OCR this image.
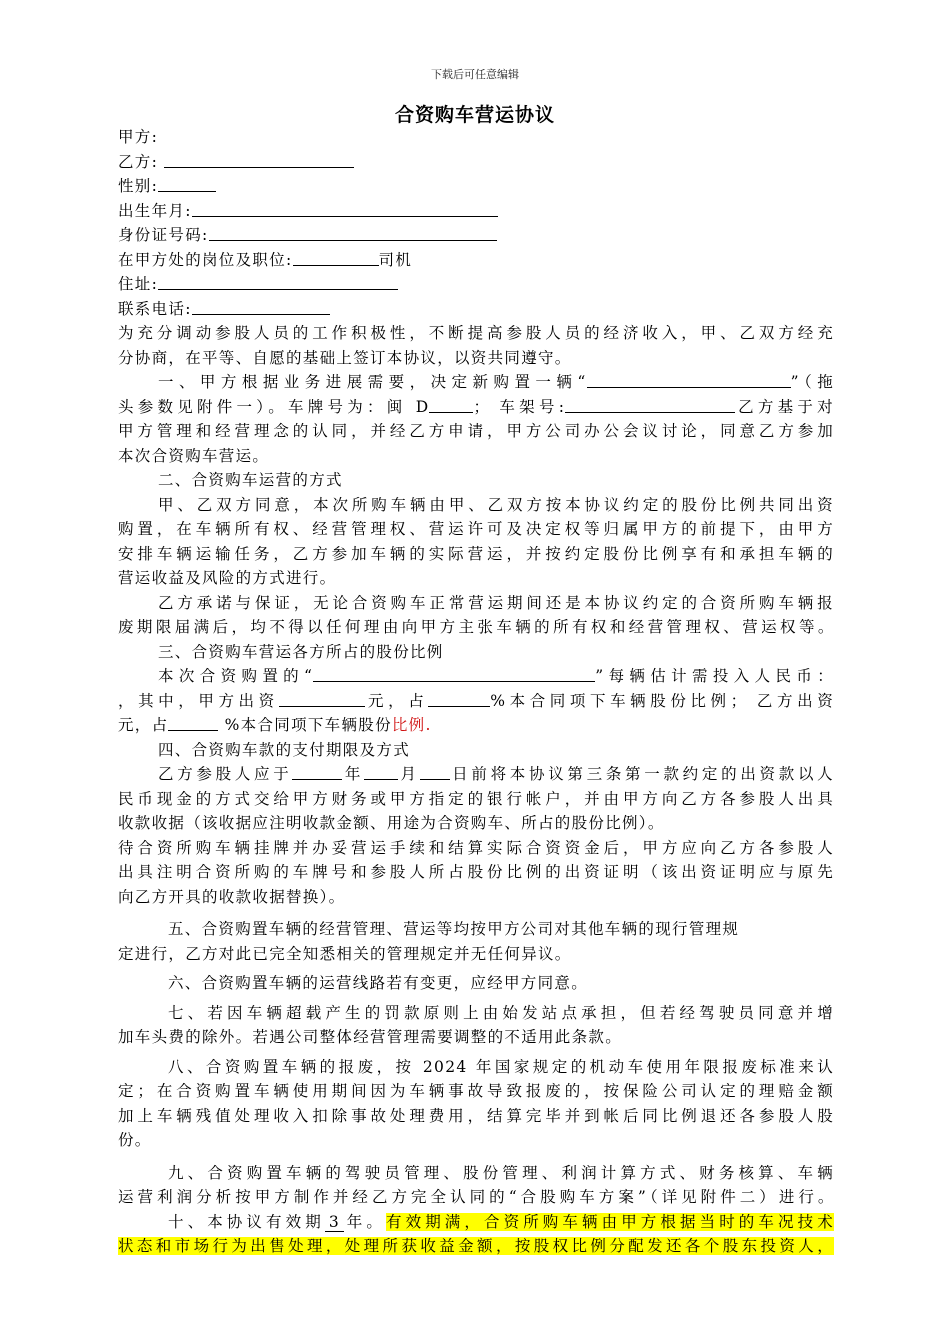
下载后可任意编辑
合资购车营运协议
甲方:
乙方:
性别:
出生年月:
身份证号码:
在甲方处的岗位及职位:	司机
住址:
联系电话:
为充分调动参股人员的工作积极性，不断提高参股人员的经济收入，甲、乙双方经充
分协商，在平等、自愿的基础上签订本协议，以资共同遵守。
一、甲方根据业务进展需要，决定新购置一辆“	”（拖
头参数见附件一）。车牌号为：闽 D	； 车架号:	乙方基于对
甲方管理和经营理念的认同，并经乙方申请，甲方公司办公会议讨论，同意乙方参加
本次合资购车营运。
二、合资购车运营的方式
甲、乙双方同意，本次所购车辆由甲、乙双方按本协议约定的股份比例共同出资
购置，在车辆所有权、经营管理权、营运许可及决定权等归属甲方的前提下，由甲方
安排车辆运输任务，乙方参加车辆的实际营运，并按约定股份比例享有和承担车辆的
营运收益及风险的方式进行。
乙方承诺与保证，无论合资购车正常营运期间还是本协议约定的合资所购车辆报
废期限届满后，均不得以任何理由向甲方主张车辆的所有权和经营管理权、营运权等。
三、合资购车营运各方所占的股份比例
本次合资购置的“	”每辆估计需投入人民币：
，其中，甲方出资	元，占	%本合同项下车辆股份比例； 乙方出资
元，占	%本合同项下车辆股份比例.
四、合资购车款的支付期限及方式
乙方参股人应于	年 月 日前将本协议第三条第一款约定的出资款以人
民币现金的方式交给甲方财务或甲方指定的银行帐户，并由甲方向乙方各参股人出具
收款收据（该收据应注明收款金额、用途为合资购车、所占的股份比例）。
待合资所购车辆挂牌并办妥营运手续和结算实际合资资金后，甲方应向乙方各参股人
出具注明合资所购的车牌号和参股人所占股份比例的出资证明（该出资证明应与原先
向乙方开具的收款收据替换）。
五、合资购置车辆的经营管理、营运等均按甲方公司对其他车辆的现行管理规
定进行，乙方对此已完全知悉相关的管理规定并无任何异议。
六、合资购置车辆的运营线路若有变更，应经甲方同意。
七、若因车辆超载产生的罚款原则上由始发站点承担，但若经驾驶员同意并增
加车头费的除外。若遇公司整体经营管理需要调整的不适用此条款。
八、合资购置车辆的报废，按 2024 年国家规定的机动车使用年限报废标准来认
定；在合资购置车辆使用期间因为车辆事故导致报废的，按保险公司认定的理赔金额
加上车辆残值处理收入扣除事故处理费用，结算完毕并到帐后同比例退还各参股人股
份。
九、合资购置车辆的驾驶员管理、股份管理、利润计算方式、财务核算、车辆
运营利润分析按甲方制作并经乙方完全认同的“合股购车方案”（详见附件二）进行。
十、本协议有效期 3 年。有效期满，合资所购车辆由甲方根据当时的车况技术
状态和市场行为出售处理，处理所获收益金额，按股权比例分配发还各个股东投资人，
